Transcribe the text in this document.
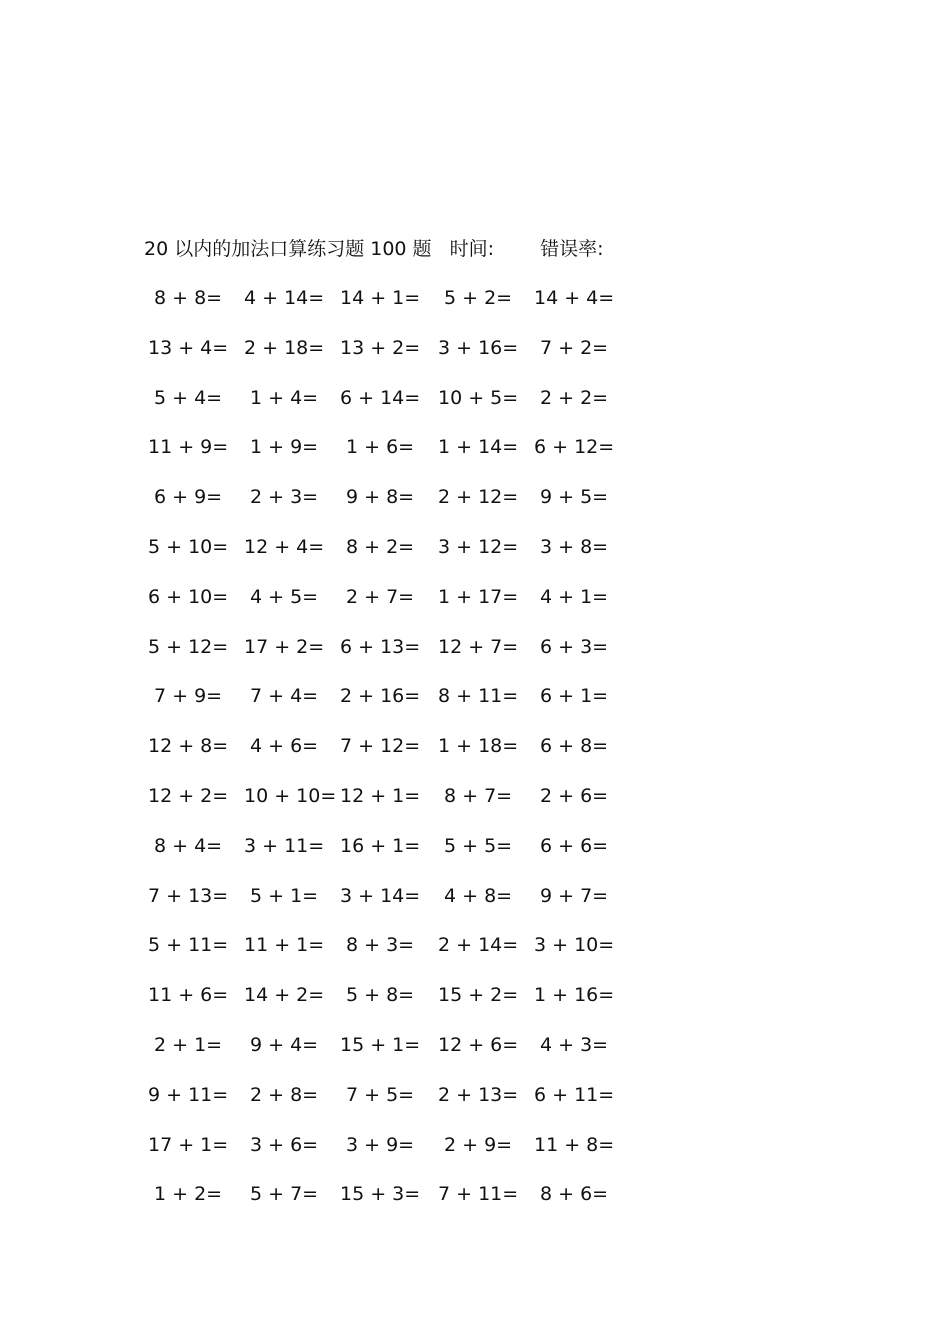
20 以内的加法口算练习题 100 题 时间: 错误率:
8 + 8= 4 + 14= 14 + 1= 5 + 2= 14 + 4=
13 + 4= 2 + 18= 13 + 2= 3 + 16= 7 + 2=
5 + 4= 1 + 4= 6 + 14= 10 + 5= 2 + 2=
11 + 9= 1 + 9= 1 + 6= 1 + 14= 6 + 12=
6 + 9= 2 + 3= 9 + 8= 2 + 12= 9 + 5=
5 + 10= 12 + 4= 8 + 2= 3 + 12= 3 + 8=
6 + 10= 4 + 5= 2 + 7= 1 + 17= 4 + 1=
5 + 12= 17 + 2= 6 + 13= 12 + 7= 6 + 3=
7 + 9= 7 + 4= 2 + 16= 8 + 11= 6 + 1=
12 + 8= 4 + 6= 7 + 12= 1 + 18= 6 + 8=
12 + 2= 10 + 10= 12 + 1= 8 + 7= 2 + 6=
8 + 4= 3 + 11= 16 + 1= 5 + 5= 6 + 6=
7 + 13= 5 + 1= 3 + 14= 4 + 8= 9 + 7=
5 + 11= 11 + 1= 8 + 3= 2 + 14= 3 + 10=
11 + 6= 14 + 2= 5 + 8= 15 + 2= 1 + 16=
2 + 1= 9 + 4= 15 + 1= 12 + 6= 4 + 3=
9 + 11= 2 + 8= 7 + 5= 2 + 13= 6 + 11=
17 + 1= 3 + 6= 3 + 9= 2 + 9= 11 + 8=
1 + 2= 5 + 7= 15 + 3= 7 + 11= 8 + 6=
